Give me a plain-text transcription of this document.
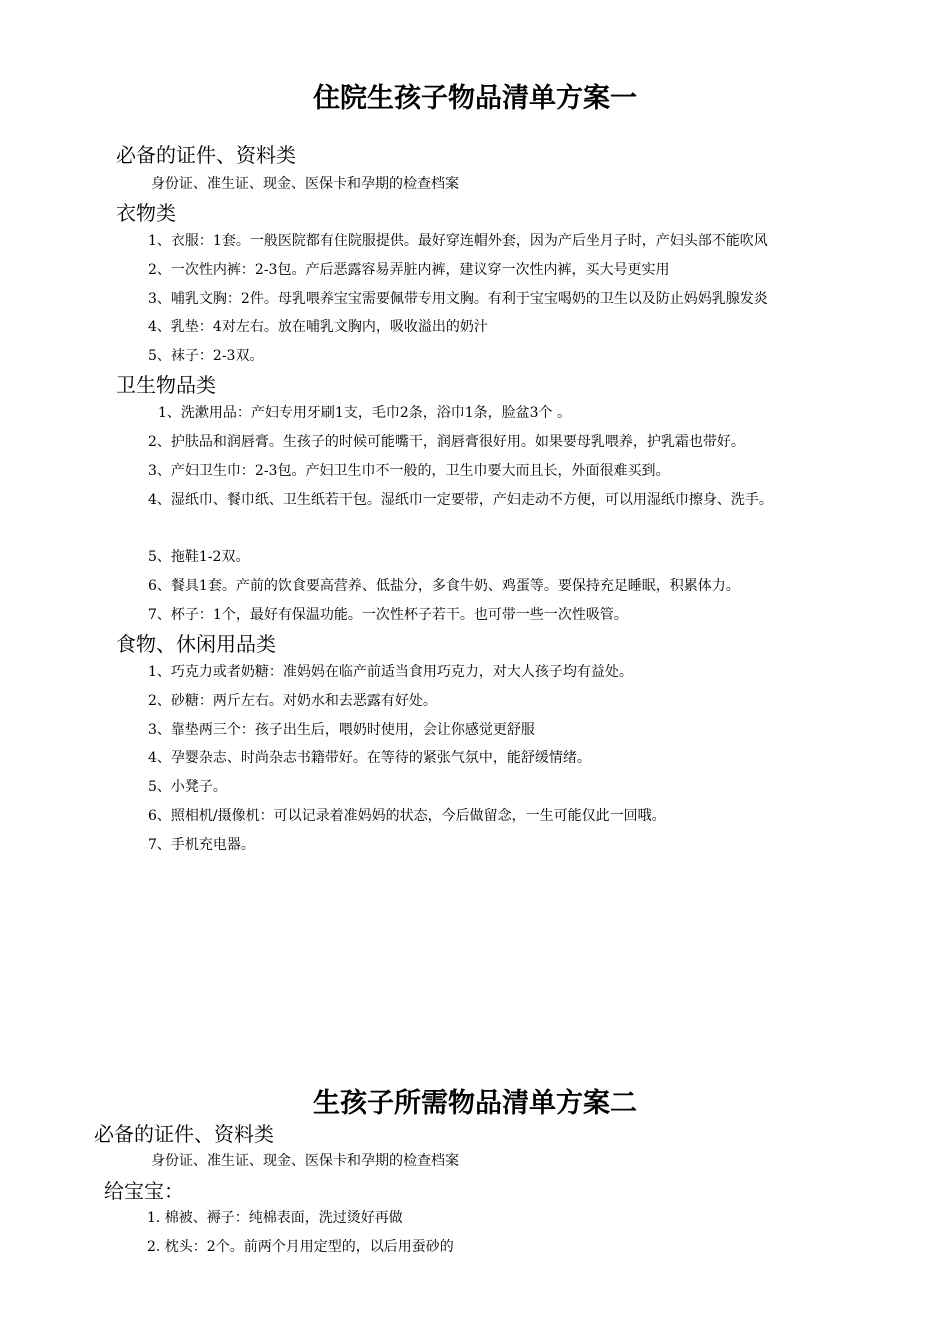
住院生孩子物品清单方案一
必备的证件、资料类
身份证、准生证、现金、医保卡和孕期的检查档案
衣物类
1、衣服：1套。一般医院都有住院服提供。最好穿连帽外套，因为产后坐月子时，产妇头部不能吹风
2、一次性内裤：2-3包。产后恶露容易弄脏内裤，建议穿一次性内裤，买大号更实用
3、哺乳文胸：2件。母乳喂养宝宝需要佩带专用文胸。有利于宝宝喝奶的卫生以及防止妈妈乳腺发炎
4、乳垫：4对左右。放在哺乳文胸内，吸收溢出的奶汁
5、袜子：2-3双。
卫生物品类
1、洗漱用品：产妇专用牙刷1支，毛巾2条，浴巾1条，脸盆3个 。
2、护肤品和润唇膏。生孩子的时候可能嘴干，润唇膏很好用。如果要母乳喂养，护乳霜也带好。
3、产妇卫生巾：2-3包。产妇卫生巾不一般的，卫生巾要大而且长，外面很难买到。
4、湿纸巾、餐巾纸、卫生纸若干包。湿纸巾一定要带，产妇走动不方便，可以用湿纸巾擦身、洗手。
5、拖鞋1-2双。
6、餐具1套。产前的饮食要高营养、低盐分，多食牛奶、鸡蛋等。要保持充足睡眠，积累体力。
7、杯子：1个，最好有保温功能。一次性杯子若干。也可带一些一次性吸管。
食物、休闲用品类
1、巧克力或者奶糖：准妈妈在临产前适当食用巧克力，对大人孩子均有益处。
2、砂糖：两斤左右。对奶水和去恶露有好处。
3、靠垫两三个：孩子出生后，喂奶时使用，会让你感觉更舒服
4、孕婴杂志、时尚杂志书籍带好。在等待的紧张气氛中，能舒缓情绪。
5、小凳子。
6、照相机/摄像机：可以记录着准妈妈的状态，今后做留念，一生可能仅此一回哦。
7、手机充电器。
生孩子所需物品清单方案二
必备的证件、资料类
身份证、准生证、现金、医保卡和孕期的检查档案
给宝宝：
1. 棉被、褥子：纯棉表面，洗过烫好再做
2. 枕头：2个。前两个月用定型的，以后用蚕砂的
